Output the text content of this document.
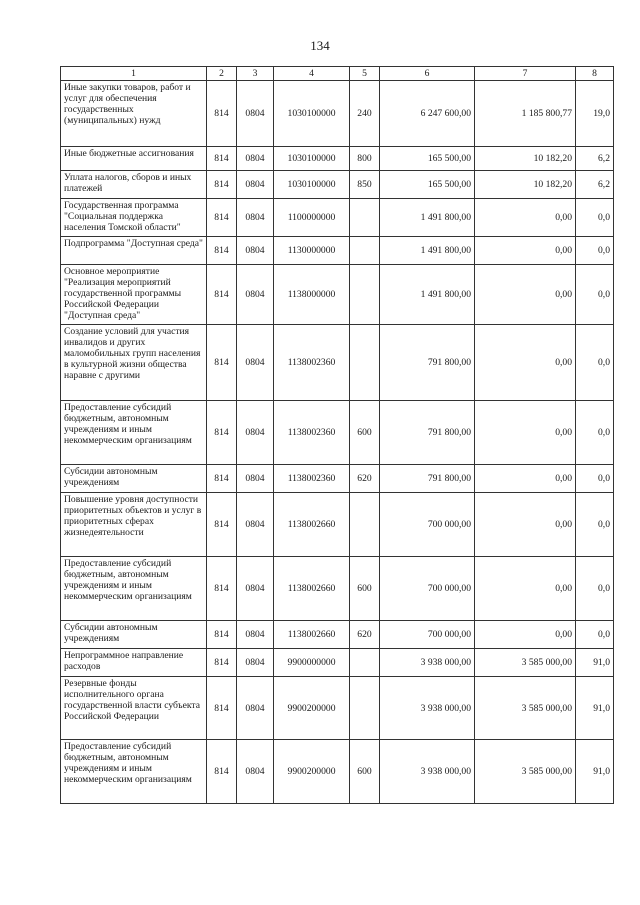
134
1	2	3	4	5	6	7	8
Иные закупки товаров, работ и услуг для обеспечения государственных (муниципальных) нужд	814	0804	1030100000	240	6 247 600,00	1 185 800,77	19,0
Иные бюджетные ассигнования	814	0804	1030100000	800	165 500,00	10 182,20	6,2
Уплата налогов, сборов и иных платежей	814	0804	1030100000	850	165 500,00	10 182,20	6,2
Государственная программа "Социальная поддержка населения Томской области"	814	0804	1100000000		1 491 800,00	0,00	0,0
Подпрограмма "Доступная среда"	814	0804	1130000000		1 491 800,00	0,00	0,0
Основное мероприятие "Реализация мероприятий государственной программы Российской Федерации "Доступная среда"	814	0804	1138000000		1 491 800,00	0,00	0,0
Создание условий для участия инвалидов и других маломобильных групп населения в культурной жизни общества наравне с другими	814	0804	1138002360		791 800,00	0,00	0,0
Предоставление субсидий бюджетным, автономным учреждениям и иным некоммерческим организациям	814	0804	1138002360	600	791 800,00	0,00	0,0
Субсидии автономным учреждениям	814	0804	1138002360	620	791 800,00	0,00	0,0
Повышение уровня доступности приоритетных объектов и услуг в приоритетных сферах жизнедеятельности	814	0804	1138002660		700 000,00	0,00	0,0
Предоставление субсидий бюджетным, автономным учреждениям и иным некоммерческим организациям	814	0804	1138002660	600	700 000,00	0,00	0,0
Субсидии автономным учреждениям	814	0804	1138002660	620	700 000,00	0,00	0,0
Непрограммное направление расходов	814	0804	9900000000		3 938 000,00	3 585 000,00	91,0
Резервные фонды исполнительного органа государственной власти субъекта Российской Федерации	814	0804	9900200000		3 938 000,00	3 585 000,00	91,0
Предоставление субсидий бюджетным, автономным учреждениям и иным некоммерческим организациям	814	0804	9900200000	600	3 938 000,00	3 585 000,00	91,0
